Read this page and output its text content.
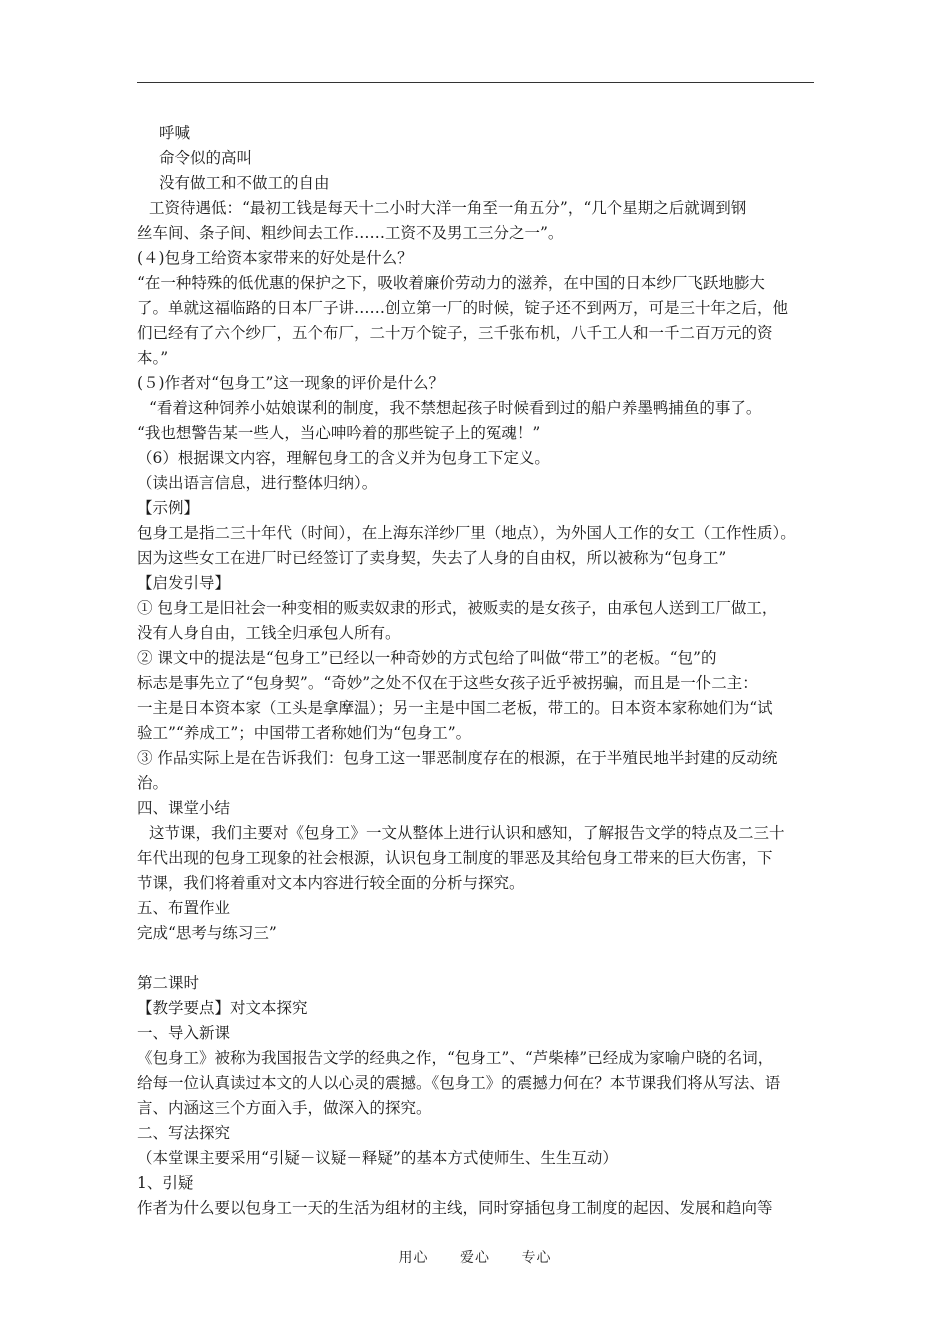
呼喊
命令似的高叫
没有做工和不做工的自由
工资待遇低：“最初工钱是每天十二小时大洋一角至一角五分”，“几个星期之后就调到钢
丝车间、条子间、粗纱间去工作……工资不及男工三分之一”。
(４)包身工给资本家带来的好处是什么？
“在一种特殊的低优惠的保护之下，吸收着廉价劳动力的滋养，在中国的日本纱厂飞跃地膨大
了。单就这福临路的日本厂子讲……创立第一厂的时候，锭子还不到两万，可是三十年之后，他
们已经有了六个纱厂，五个布厂，二十万个锭子，三千张布机，八千工人和一千二百万元的资
本。”
(５)作者对“包身工”这一现象的评价是什么？
“看着这种饲养小姑娘谋利的制度，我不禁想起孩子时候看到过的船户养墨鸭捕鱼的事了。
“我也想警告某一些人，当心呻吟着的那些锭子上的冤魂！”
（6）根据课文内容，理解包身工的含义并为包身工下定义。
（读出语言信息，进行整体归纳）。
【示例】
包身工是指二三十年代（时间），在上海东洋纱厂里（地点），为外国人工作的女工（工作性质）。
因为这些女工在进厂时已经签订了卖身契，失去了人身的自由权，所以被称为“包身工”
【启发引导】
① 包身工是旧社会一种变相的贩卖奴隶的形式，被贩卖的是女孩子，由承包人送到工厂做工，
没有人身自由，工钱全归承包人所有。
② 课文中的提法是“包身工”已经以一种奇妙的方式包给了叫做“带工”的老板。“包”的
标志是事先立了“包身契”。“奇妙”之处不仅在于这些女孩子近乎被拐骗，而且是一仆二主：
一主是日本资本家（工头是拿摩温）；另一主是中国二老板，带工的。日本资本家称她们为“试
验工”“养成工”；中国带工者称她们为“包身工”。
③ 作品实际上是在告诉我们：包身工这一罪恶制度存在的根源，在于半殖民地半封建的反动统
治。
四、课堂小结
这节课，我们主要对《包身工》一文从整体上进行认识和感知，了解报告文学的特点及二三十
年代出现的包身工现象的社会根源，认识包身工制度的罪恶及其给包身工带来的巨大伤害，下
节课，我们将着重对文本内容进行较全面的分析与探究。
五、布置作业
完成“思考与练习三”
第二课时
【教学要点】对文本探究
一、导入新课
《包身工》被称为我国报告文学的经典之作，“包身工”、“芦柴棒”已经成为家喻户晓的名词，
给每一位认真读过本文的人以心灵的震撼。《包身工》的震撼力何在？本节课我们将从写法、语
言、内涵这三个方面入手，做深入的探究。
二、写法探究
（本堂课主要采用“引疑－议疑－释疑”的基本方式使师生、生生互动）
1、引疑
作者为什么要以包身工一天的生活为组材的主线，同时穿插包身工制度的起因、发展和趋向等
用心 爱心 专心
